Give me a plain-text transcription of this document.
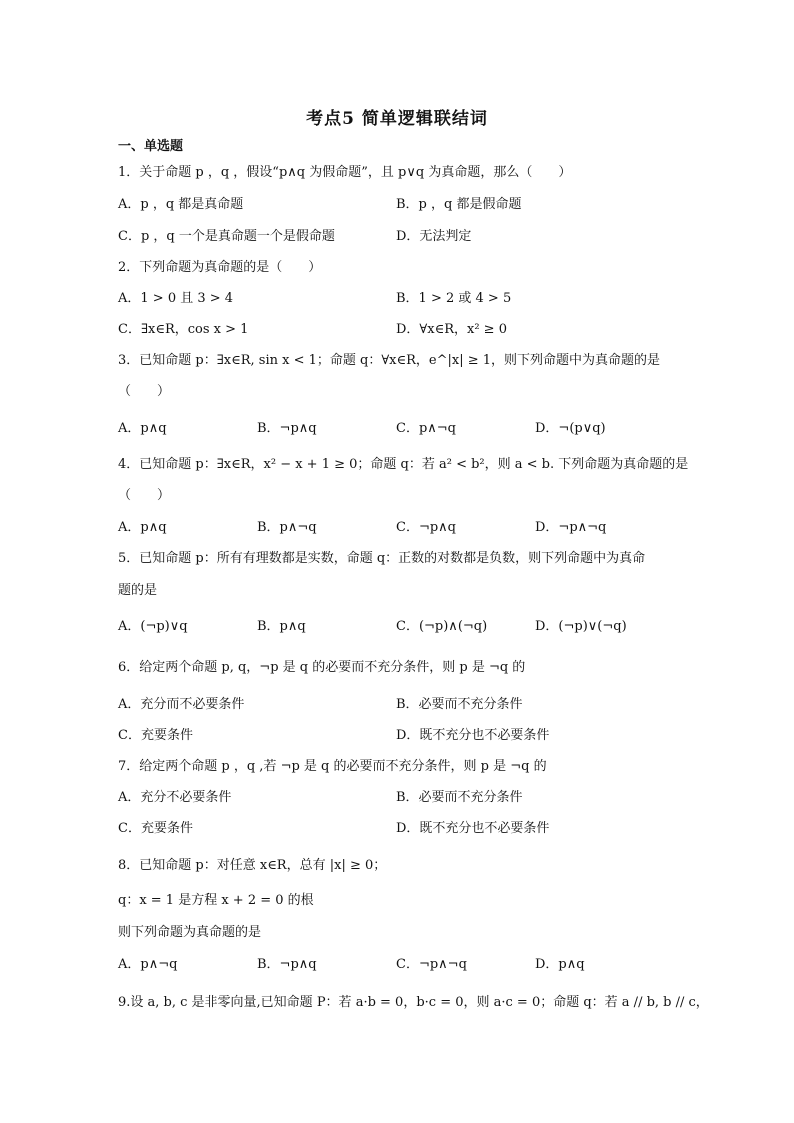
考点5 简单逻辑联结词
一、单选题
1．关于命题 p ，q ，假设“p∧q 为假命题”，且 p∨q 为真命题，那么（　　）
A．p ，q 都是真命题	B．p ，q 都是假命题
C．p ，q 一个是真命题一个是假命题	D．无法判定
2．下列命题为真命题的是（　　）
A．1 > 0 且 3 > 4	B．1 > 2 或 4 > 5
C．∃x∈R，cos x > 1	D．∀x∈R，x² ≥ 0
3．已知命题 p：∃x∈R, sin x < 1；命题 q：∀x∈R，e^|x| ≥ 1，则下列命题中为真命题的是
（　　）
A．p∧q	B．¬p∧q	C．p∧¬q	D．¬(p∨q)
4．已知命题 p：∃x∈R，x² − x + 1 ≥ 0；命题 q：若 a² < b²，则 a < b. 下列命题为真命题的是
（　　）
A．p∧q	B．p∧¬q	C．¬p∧q	D．¬p∧¬q
5．已知命题 p：所有有理数都是实数，命题 q：正数的对数都是负数，则下列命题中为真命
题的是
A．(¬p)∨q	B．p∧q	C．(¬p)∧(¬q)	D．(¬p)∨(¬q)
6．给定两个命题 p, q，¬p 是 q 的必要而不充分条件，则 p 是 ¬q 的
A．充分而不必要条件	B．必要而不充分条件
C．充要条件	D．既不充分也不必要条件
7．给定两个命题 p ，q ,若 ¬p 是 q 的必要而不充分条件，则 p 是 ¬q 的
A．充分不必要条件	B．必要而不充分条件
C．充要条件	D．既不充分也不必要条件
8．已知命题 p：对任意 x∈R，总有 |x| ≥ 0；
q：x = 1 是方程 x + 2 = 0 的根
则下列命题为真命题的是
A．p∧¬q	B．¬p∧q	C．¬p∧¬q	D．p∧q
9.设 a, b, c 是非零向量,已知命题 P：若 a·b = 0，b·c = 0，则 a·c = 0；命题 q：若 a // b, b // c，
